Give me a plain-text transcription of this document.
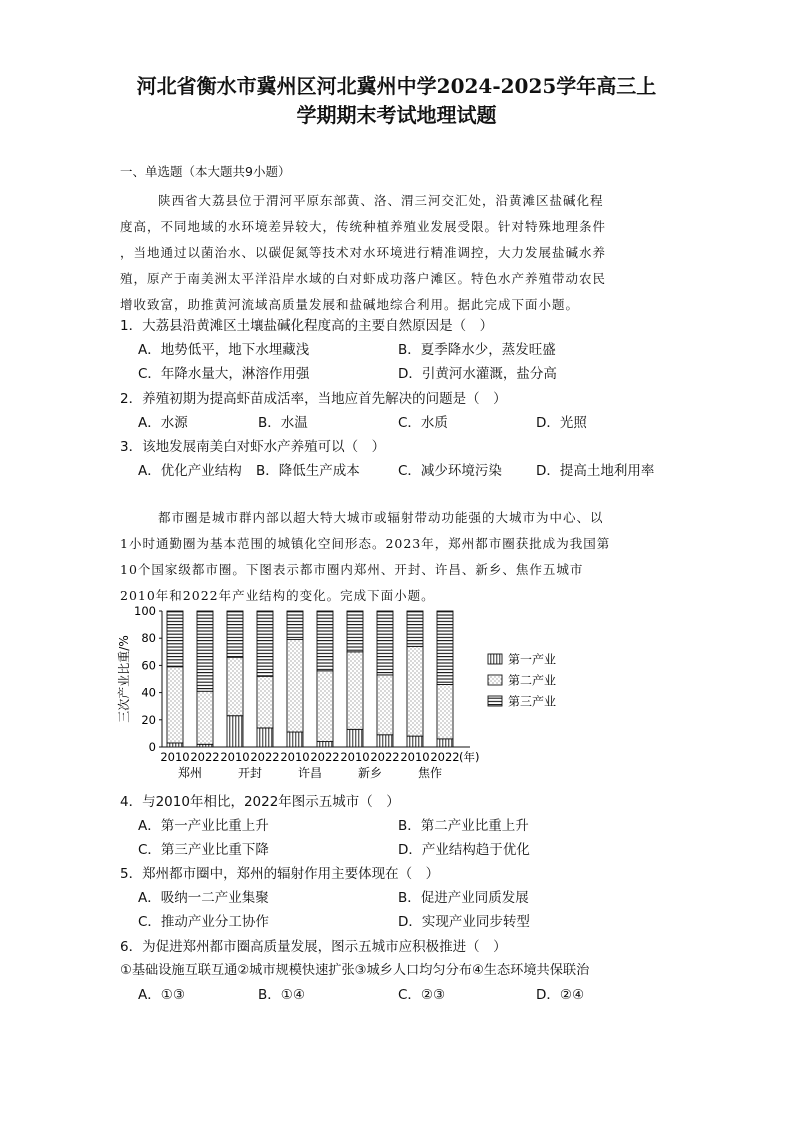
河北省衡水市冀州区河北冀州中学2024-2025学年高三上
学期期末考试地理试题
一、单选题（本大题共9小题）
陕西省大荔县位于渭河平原东部黄、洛、渭三河交汇处，沿黄滩区盐碱化程
度高，不同地域的水环境差异较大，传统种植养殖业发展受限。针对特殊地理条件
，当地通过以菌治水、以碳促氮等技术对水环境进行精准调控，大力发展盐碱水养
殖，原产于南美洲太平洋沿岸水域的白对虾成功落户滩区。特色水产养殖带动农民
增收致富，助推黄河流域高质量发展和盐碱地综合利用。据此完成下面小题。
1．大荔县沿黄滩区土壤盐碱化程度高的主要自然原因是（　）
A．地势低平，地下水埋藏浅	B．夏季降水少，蒸发旺盛
C．年降水量大，淋溶作用强	D．引黄河水灌溉，盐分高
2．养殖初期为提高虾苗成活率，当地应首先解决的问题是（　）
A．水源	B．水温	C．水质	D．光照
3．该地发展南美白对虾水产养殖可以（　）
A．优化产业结构 B．降低生产成本	C．减少环境污染	D．提高土地利用率
都市圈是城市群内部以超大特大城市或辐射带动功能强的大城市为中心、以
1小时通勤圈为基本范围的城镇化空间形态。2023年，郑州都市圈获批成为我国第
10个国家级都市圈。下图表示都市圈内郑州、开封、许昌、新乡、焦作五城市
2010年和2022年产业结构的变化。完成下面小题。
0
20
40
60
80
100
三次产业比重/%
2010 2022 2010 2022 2010 2022 2010 2022 2010 2022 (年)
郑州	开封	许昌	新乡	焦作
第一产业
第二产业
第三产业
4．与2010年相比，2022年图示五城市（　）
A．第一产业比重上升	B．第二产业比重上升
C．第三产业比重下降	D．产业结构趋于优化
5．郑州都市圈中，郑州的辐射作用主要体现在（　）
A．吸纳一二产业集聚	B．促进产业同质发展
C．推动产业分工协作	D．实现产业同步转型
6．为促进郑州都市圈高质量发展，图示五城市应积极推进（　）
①基础设施互联互通②城市规模快速扩张③城乡人口均匀分布④生态环境共保联治
A．①③	B．①④	C．②③	D．②④
